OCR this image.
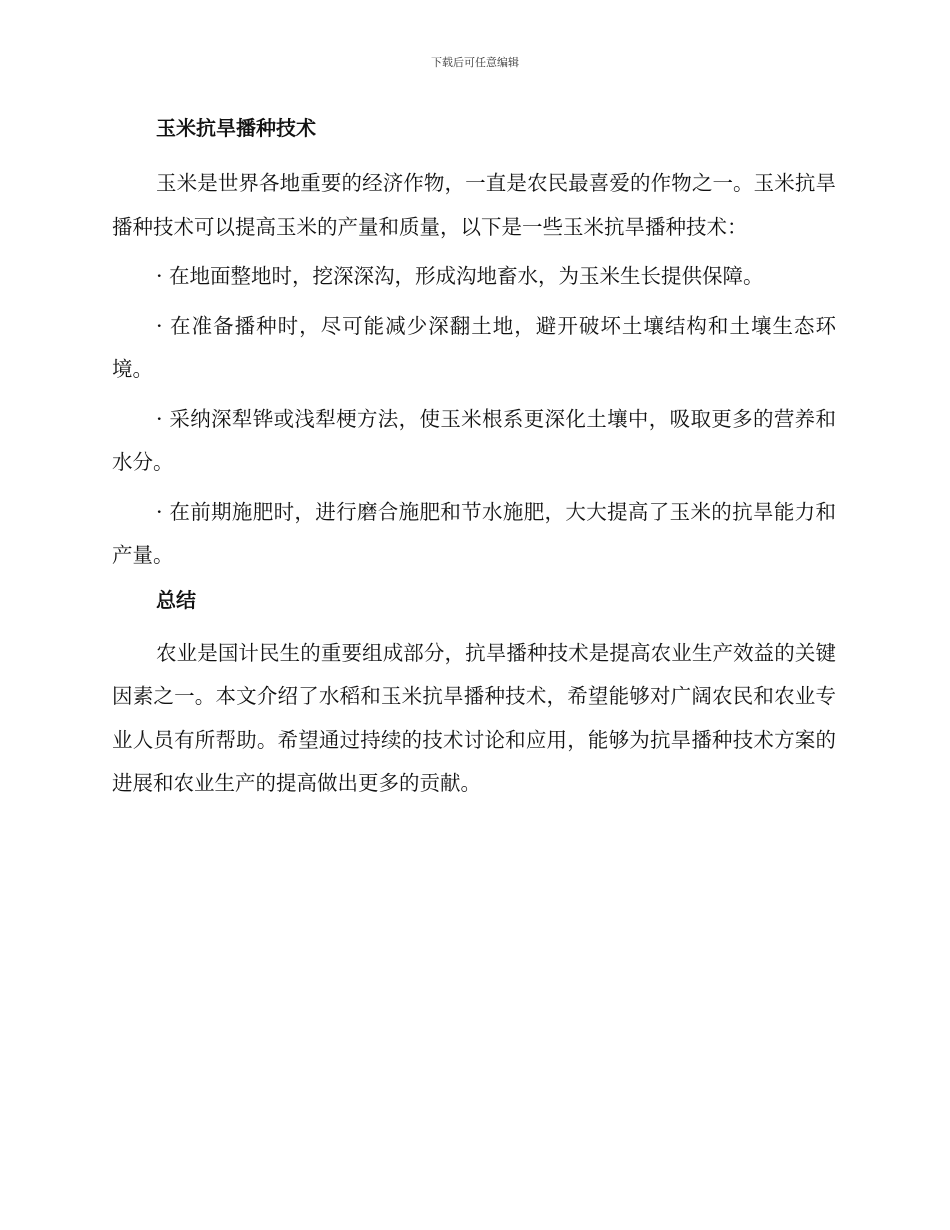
下载后可任意编辑
玉米抗旱播种技术

玉米是世界各地重要的经济作物，一直是农民最喜爱的作物之一。玉米抗旱播种技术可以提高玉米的产量和质量，以下是一些玉米抗旱播种技术：

· 在地面整地时，挖深深沟，形成沟地畜水，为玉米生长提供保障。

· 在准备播种时，尽可能减少深翻土地，避开破坏土壤结构和土壤生态环境。

· 采纳深犁铧或浅犁梗方法，使玉米根系更深化土壤中，吸取更多的营养和水分。

· 在前期施肥时，进行磨合施肥和节水施肥，大大提高了玉米的抗旱能力和产量。

总结

农业是国计民生的重要组成部分，抗旱播种技术是提高农业生产效益的关键因素之一。本文介绍了水稻和玉米抗旱播种技术，希望能够对广阔农民和农业专业人员有所帮助。希望通过持续的技术讨论和应用，能够为抗旱播种技术方案的进展和农业生产的提高做出更多的贡献。
